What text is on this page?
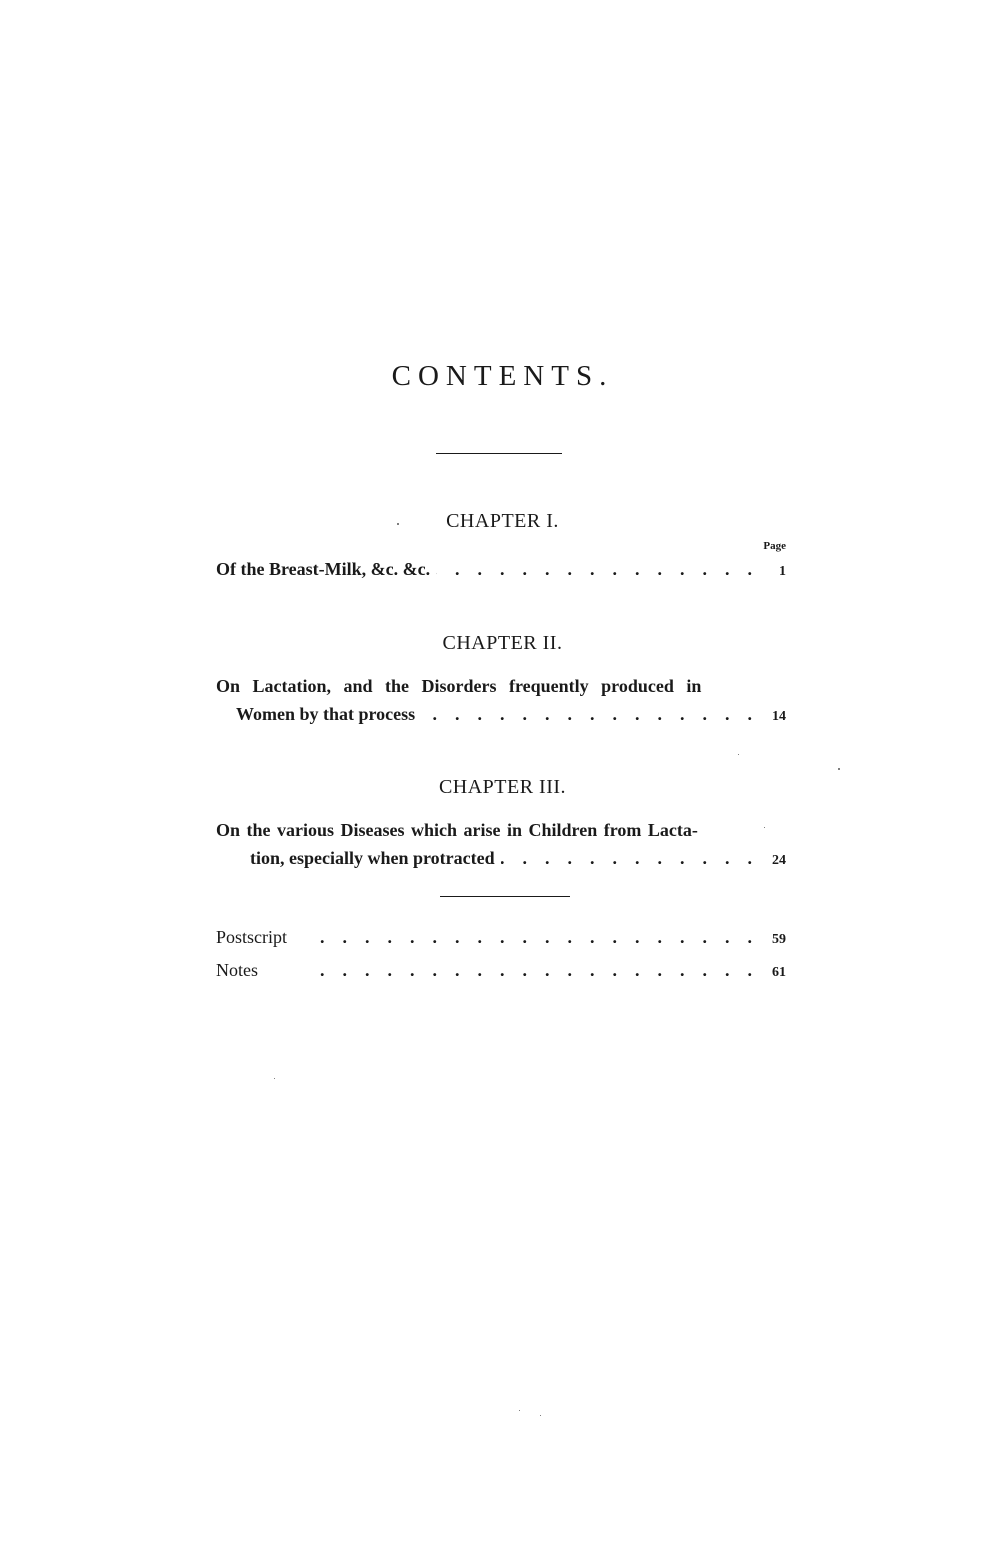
CONTENTS.
CHAPTER I.
Page
Of the Breast-Milk, &c. &c. .	1
CHAPTER II.
On Lactation, and the Disorders frequently produced in
Women by that process .	14
CHAPTER III.
On the various Diseases which arise in Children from Lacta-
tion, especially when protracted .	24
Postscript .	59
Notes .	61
